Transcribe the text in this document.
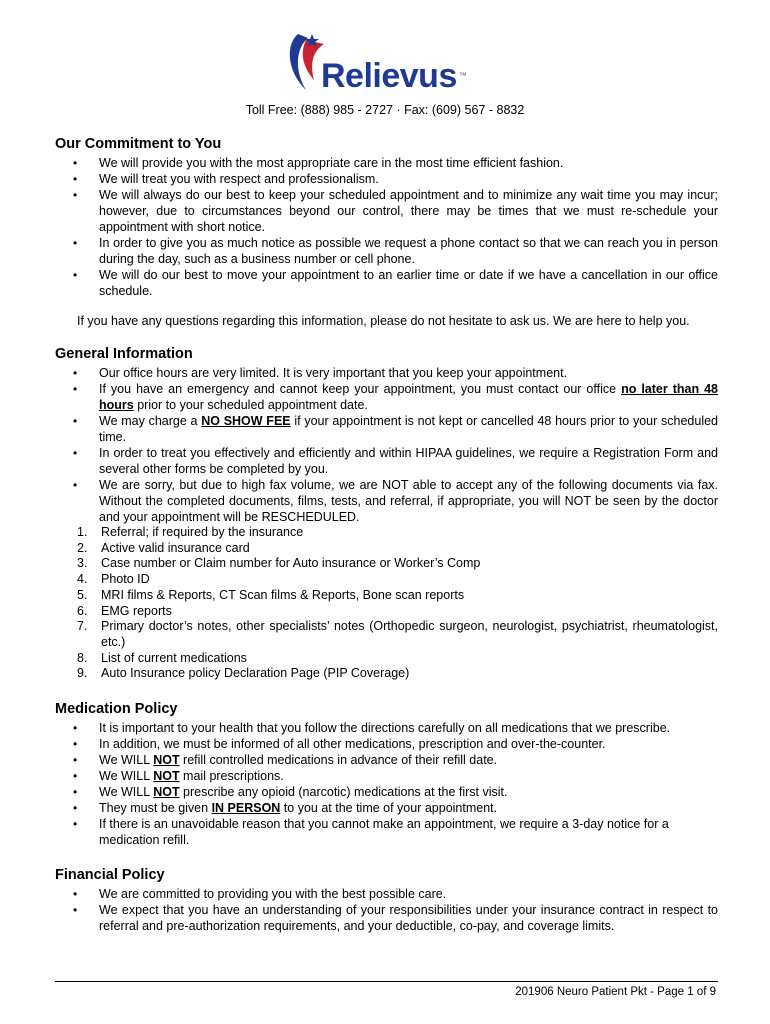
Relievus ™
Toll Free: (888) 985 - 2727 · Fax: (609) 567 - 8832
Our Commitment to You
• We will provide you with the most appropriate care in the most time efficient fashion.
• We will treat you with respect and professionalism.
• We will always do our best to keep your scheduled appointment and to minimize any wait time you may incur; however, due to circumstances beyond our control, there may be times that we must re-schedule your appointment with short notice.
• In order to give you as much notice as possible we request a phone contact so that we can reach you in person during the day, such as a business number or cell phone.
• We will do our best to move your appointment to an earlier time or date if we have a cancellation in our office schedule.
If you have any questions regarding this information, please do not hesitate to ask us. We are here to help you.
General Information
• Our office hours are very limited. It is very important that you keep your appointment.
• If you have an emergency and cannot keep your appointment, you must contact our office no later than 48 hours prior to your scheduled appointment date.
• We may charge a NO SHOW FEE if your appointment is not kept or cancelled 48 hours prior to your scheduled time.
• In order to treat you effectively and efficiently and within HIPAA guidelines, we require a Registration Form and several other forms be completed by you.
• We are sorry, but due to high fax volume, we are NOT able to accept any of the following documents via fax. Without the completed documents, films, tests, and referral, if appropriate, you will NOT be seen by the doctor and your appointment will be RESCHEDULED.
1. Referral; if required by the insurance
2. Active valid insurance card
3. Case number or Claim number for Auto insurance or Worker’s Comp
4. Photo ID
5. MRI films & Reports, CT Scan films & Reports, Bone scan reports
6. EMG reports
7. Primary doctor’s notes, other specialists’ notes (Orthopedic surgeon, neurologist, psychiatrist, rheumatologist, etc.)
8. List of current medications
9. Auto Insurance policy Declaration Page (PIP Coverage)
Medication Policy
• It is important to your health that you follow the directions carefully on all medications that we prescribe.
• In addition, we must be informed of all other medications, prescription and over-the-counter.
• We WILL NOT refill controlled medications in advance of their refill date.
• We WILL NOT mail prescriptions.
• We WILL NOT prescribe any opioid (narcotic) medications at the first visit.
• They must be given IN PERSON to you at the time of your appointment.
• If there is an unavoidable reason that you cannot make an appointment, we require a 3-day notice for a medication refill.
Financial Policy
• We are committed to providing you with the best possible care.
• We expect that you have an understanding of your responsibilities under your insurance contract in respect to referral and pre-authorization requirements, and your deductible, co-pay, and coverage limits.
201906 Neuro Patient Pkt - Page 1 of 9
